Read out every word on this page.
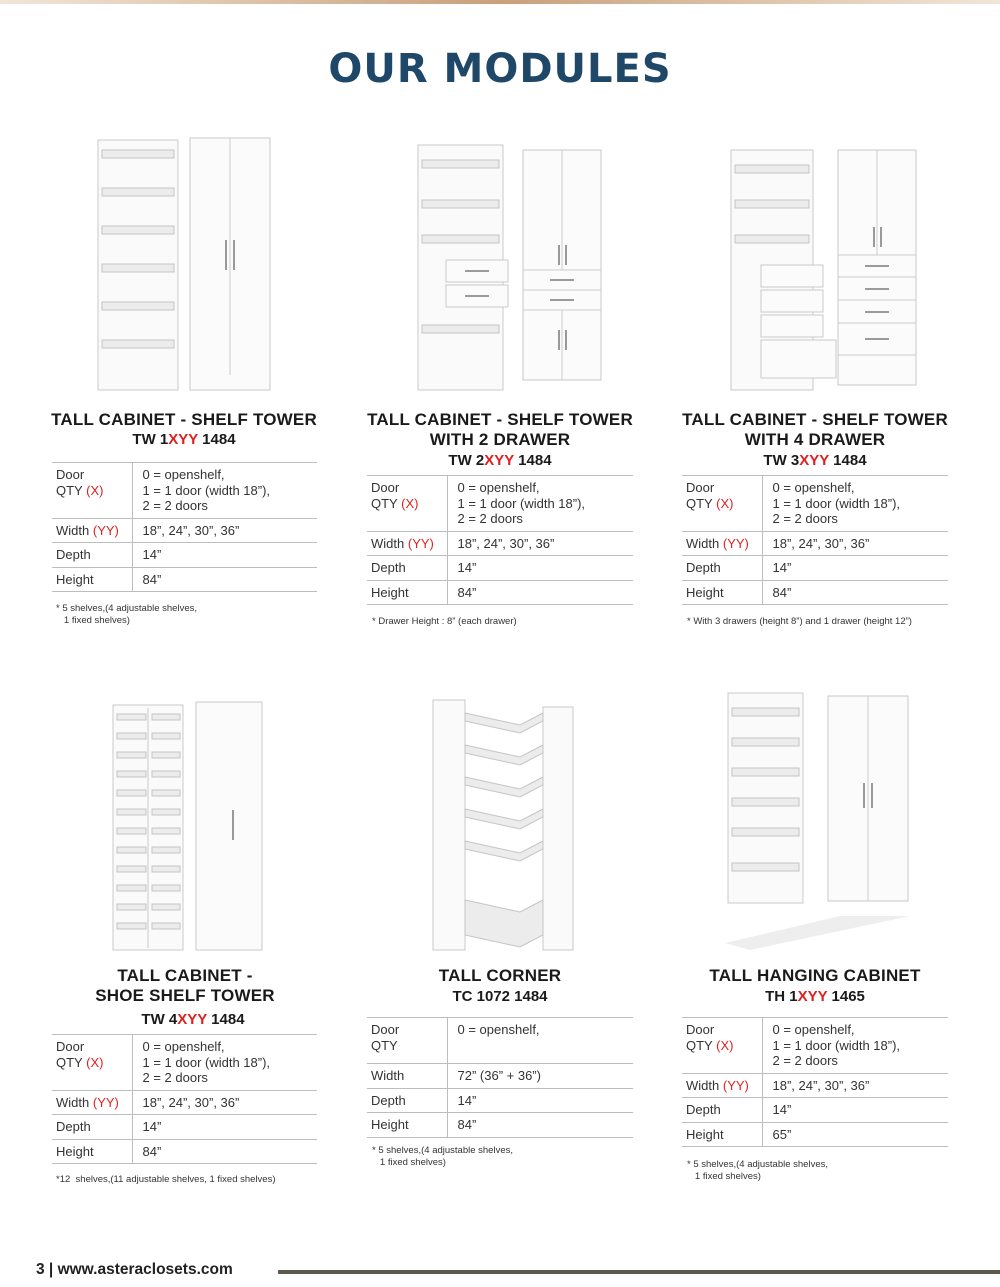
OUR MODULES
TALL CABINET - SHELF TOWER
TW 1XYY 1484
Door
QTY (X)	0 = openshelf,
1 = 1 door (width 18”),
2 = 2 doors
Width (YY)	18”, 24”, 30”, 36”
Depth	14”
Height	84”
* 5 shelves,(4 adjustable shelves,
1 fixed shelves)
TALL CABINET - SHELF TOWER
WITH 2 DRAWER
TW 2XYY 1484
Door
QTY (X)	0 = openshelf,
1 = 1 door (width 18”),
2 = 2 doors
Width (YY)	18”, 24”, 30”, 36”
Depth	14”
Height	84”
* Drawer Height : 8” (each drawer)
TALL CABINET - SHELF TOWER
WITH 4 DRAWER
TW 3XYY 1484
Door
QTY (X)	0 = openshelf,
1 = 1 door (width 18”),
2 = 2 doors
Width (YY)	18”, 24”, 30”, 36”
Depth	14”
Height	84”
* With 3 drawers (height 8”) and 1 drawer (height 12”)
TALL CABINET -
SHOE SHELF TOWER
TW 4XYY 1484
Door
QTY (X)	0 = openshelf,
1 = 1 door (width 18”),
2 = 2 doors
Width (YY)	18”, 24”, 30”, 36”
Depth	14”
Height	84”
*12  shelves,(11 adjustable shelves, 1 fixed shelves)
TALL CORNER
TC 1072 1484
Door
QTY	0 = openshelf,
Width	72” (36” + 36”)
Depth	14”
Height	84”
* 5 shelves,(4 adjustable shelves,
1 fixed shelves)
TALL HANGING CABINET
TH 1XYY 1465
Door
QTY (X)	0 = openshelf,
1 = 1 door (width 18”),
2 = 2 doors
Width (YY)	18”, 24”, 30”, 36”
Depth	14”
Height	65”
* 5 shelves,(4 adjustable shelves,
1 fixed shelves)
3 | www.asteraclosets.com
